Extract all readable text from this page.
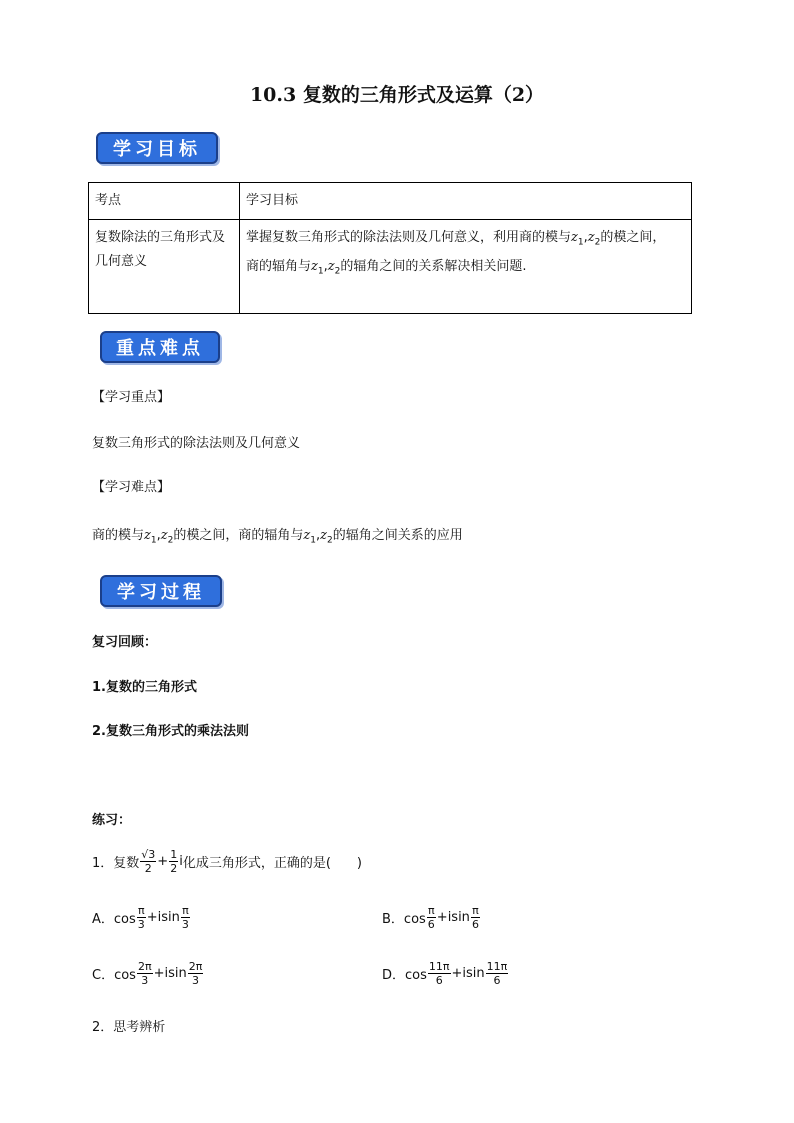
10.3 复数的三角形式及运算（2）
学习目标
考点	学习目标
复数除法的三角形式及几何意义	掌握复数三角形式的除法法则及几何意义，利用商的模与$z_1,z_2$的模之间，
商的辐角与$z_1,z_2$的辐角之间的关系解决相关问题.
重点难点
【学习重点】
复数三角形式的除法法则及几何意义
【学习难点】
商的模与$z_1,z_2$的模之间，商的辐角与$z_1,z_2$的辐角之间关系的应用
学习过程
复习回顾：
1.复数的三角形式
2.复数三角形式的乘法法则
练习：
1．复数 $\frac{√3}{2} + \frac{1}{2}$ i 化成三角形式，正确的是(　　)
A．$\cos \frac{\pi}{3} +isin \frac{\pi}{3}$	B．$\cos \frac{\pi}{6} +isin \frac{\pi}{6}$
C．$\cos \frac{2\pi}{3} +isin \frac{2\pi}{3}$	D．$\cos \frac{11\pi}{6} +isin \frac{11\pi}{6}$
2．思考辨析
